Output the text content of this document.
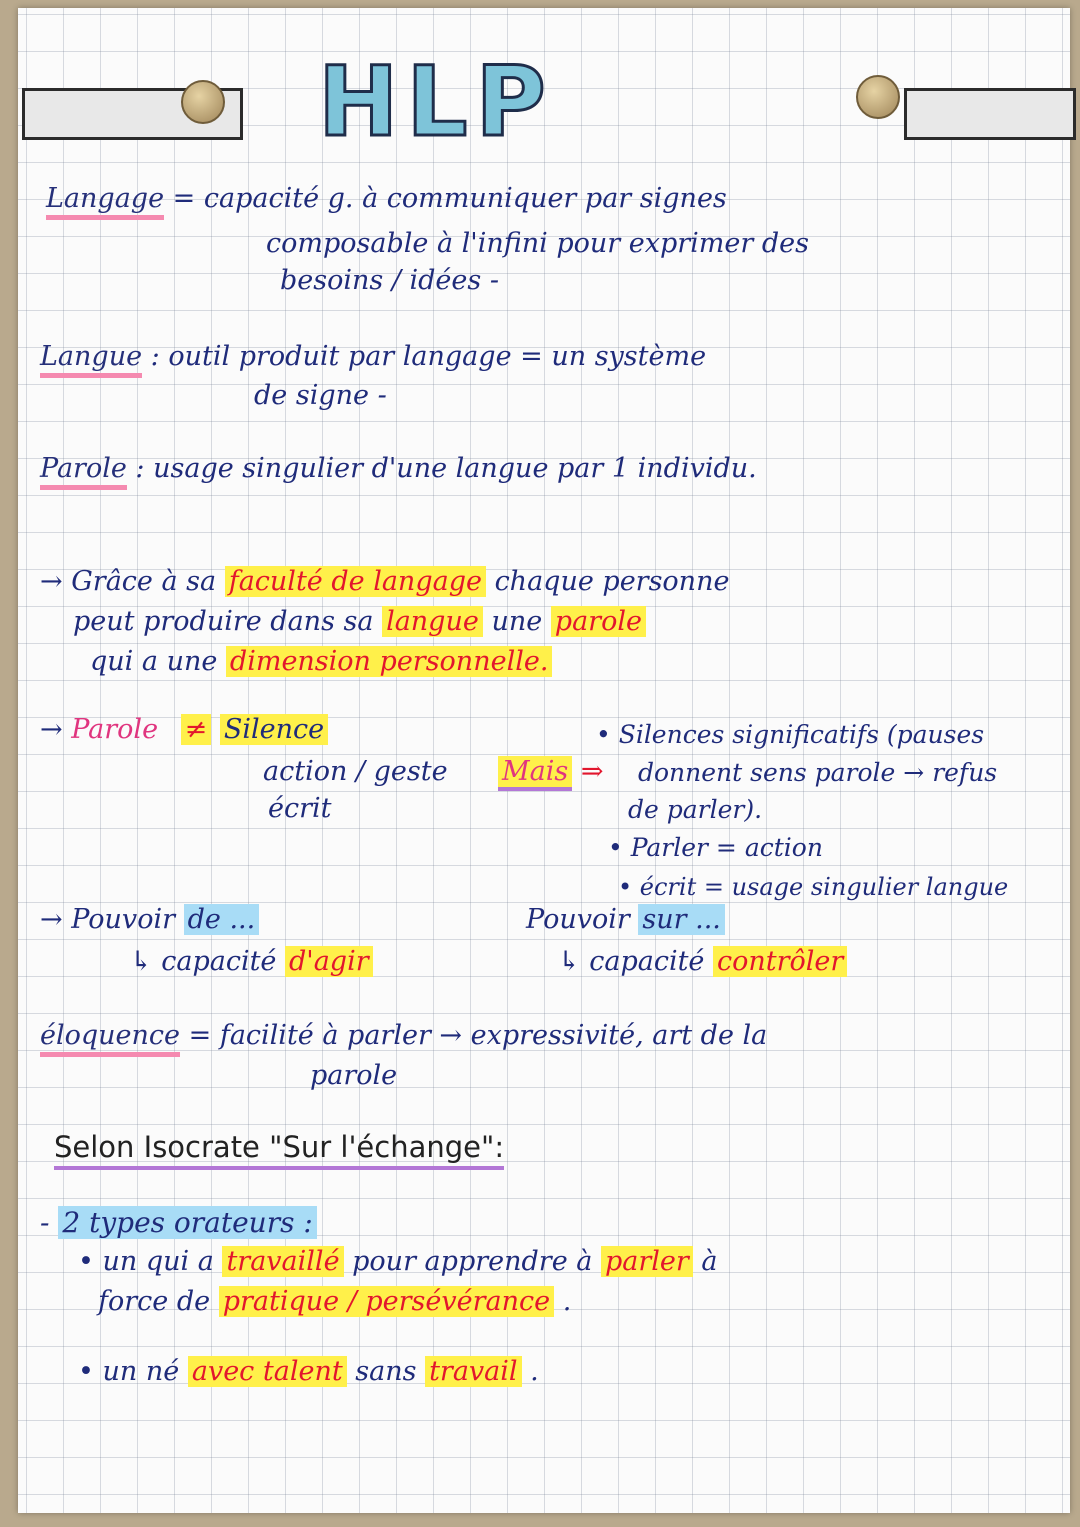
HLP
Langage = capacité g. à communiquer par signes
composable à l'infini pour exprimer des
besoins / idées -
Langue : outil produit par langage = un système
de signe -
Parole : usage singulier d'une langue par 1 individu.
→ Grâce à sa faculté de langage chaque personne
peut produire dans sa langue une parole
qui a une dimension personnelle.
→ Parole ≠ Silence
action / geste
écrit
Mais ⇒
• Silences significatifs (pauses
donnent sens parole → refus
de parler).
• Parler = action
• écrit = usage singulier langue
→ Pouvoir de ...
↳ capacité d'agir
Pouvoir sur ...
↳ capacité contrôler
éloquence = facilité à parler → expressivité, art de la
parole
Selon Isocrate "Sur l'échange":
- 2 types orateurs :
• un qui a travaillé pour apprendre à parler à
force de pratique / persévérance .
• un né avec talent sans travail .
